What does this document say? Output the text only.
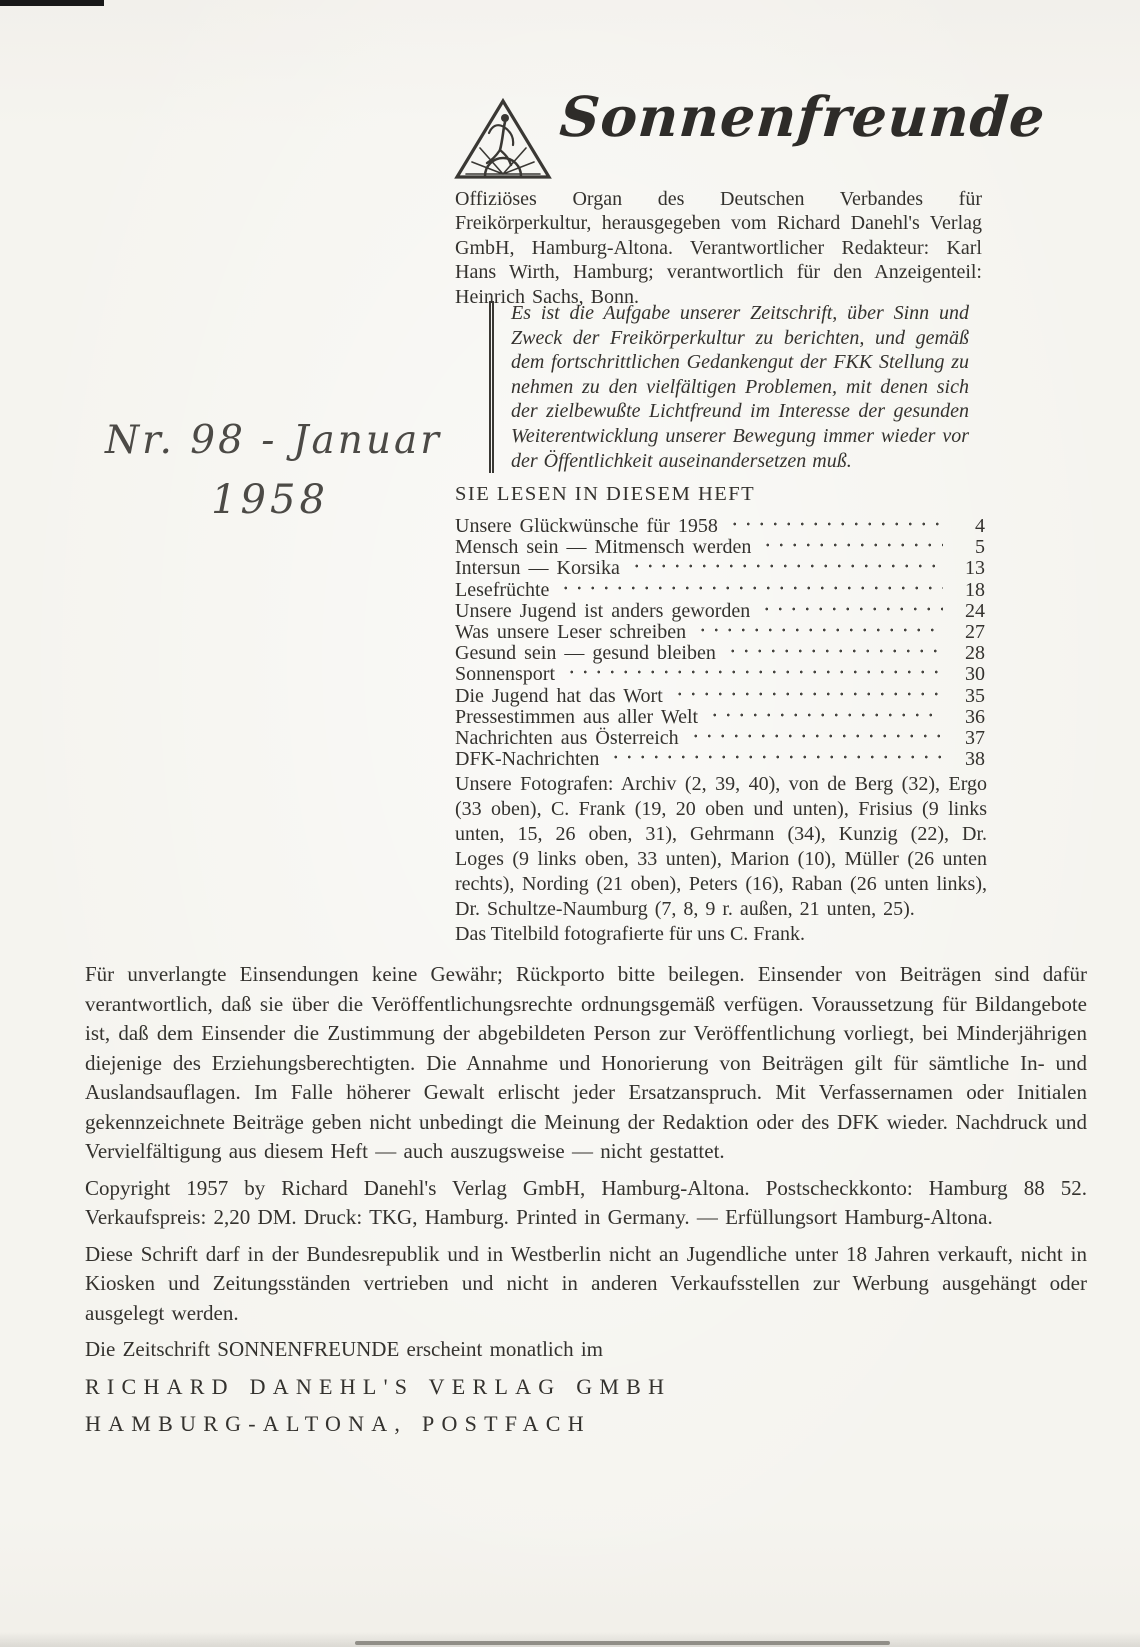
Sonnenfreunde
Offiziöses Organ des Deutschen Verbandes für Freikörperkultur, herausgegeben vom Richard Danehl's Verlag GmbH, Hamburg-Altona. Verantwortlicher Redakteur: Karl Hans Wirth, Hamburg; verantwortlich für den Anzeigenteil: Heinrich Sachs, Bonn.
Es ist die Aufgabe unserer Zeitschrift, über Sinn und Zweck der Freikörperkultur zu berichten, und gemäß dem fortschrittlichen Gedankengut der FKK Stellung zu nehmen zu den vielfältigen Problemen, mit denen sich der zielbewußte Lichtfreund im Interesse der gesunden Weiterentwicklung unserer Bewegung immer wieder vor der Öffentlichkeit auseinandersetzen muß.
Nr. 98 - Januar
1958	SIE LESEN IN DIESEM HEFT
Unsere Glückwünsche für 1958	4
Mensch sein — Mitmensch werden	5
Intersun — Korsika	13
Lesefrüchte	18
Unsere Jugend ist anders geworden	24
Was unsere Leser schreiben	27
Gesund sein — gesund bleiben	28
Sonnensport	30
Die Jugend hat das Wort	35
Pressestimmen aus aller Welt	36
Nachrichten aus Österreich	37
DFK-Nachrichten	38
Unsere Fotografen: Archiv (2, 39, 40), von de Berg (32), Ergo (33 oben), C. Frank (19, 20 oben und unten), Frisius (9 links unten, 15, 26 oben, 31), Gehrmann (34), Kunzig (22), Dr. Loges (9 links oben, 33 unten), Marion (10), Müller (26 unten rechts), Nording (21 oben), Peters (16), Raban (26 unten links), Dr. Schultze-Naumburg (7, 8, 9 r. außen, 21 unten, 25).
Das Titelbild fotografierte für uns C. Frank.

Für unverlangte Einsendungen keine Gewähr; Rückporto bitte beilegen. Einsender von Beiträgen sind dafür verantwortlich, daß sie über die Veröffentlichungsrechte ordnungsgemäß verfügen. Voraussetzung für Bildangebote ist, daß dem Einsender die Zustimmung der abgebildeten Person zur Veröffentlichung vorliegt, bei Minderjährigen diejenige des Erziehungsberechtigten. Die Annahme und Honorierung von Beiträgen gilt für sämtliche In- und Auslandsauflagen. Im Falle höherer Gewalt erlischt jeder Ersatzanspruch. Mit Verfassernamen oder Initialen gekennzeichnete Beiträge geben nicht unbedingt die Meinung der Redaktion oder des DFK wieder. Nachdruck und Vervielfältigung aus diesem Heft — auch auszugsweise — nicht gestattet.

Copyright 1957 by Richard Danehl's Verlag GmbH, Hamburg-Altona. Postscheckkonto: Hamburg 88 52. Verkaufspreis: 2,20 DM. Druck: TKG, Hamburg. Printed in Germany. — Erfüllungsort Hamburg-Altona.

Diese Schrift darf in der Bundesrepublik und in Westberlin nicht an Jugendliche unter 18 Jahren verkauft, nicht in Kiosken und Zeitungsständen vertrieben und nicht in anderen Verkaufsstellen zur Werbung ausgehängt oder ausgelegt werden.

Die Zeitschrift SONNENFREUNDE erscheint monatlich im

RICHARD DANEHL'S VERLAG GMBH

HAMBURG-ALTONA, POSTFACH
